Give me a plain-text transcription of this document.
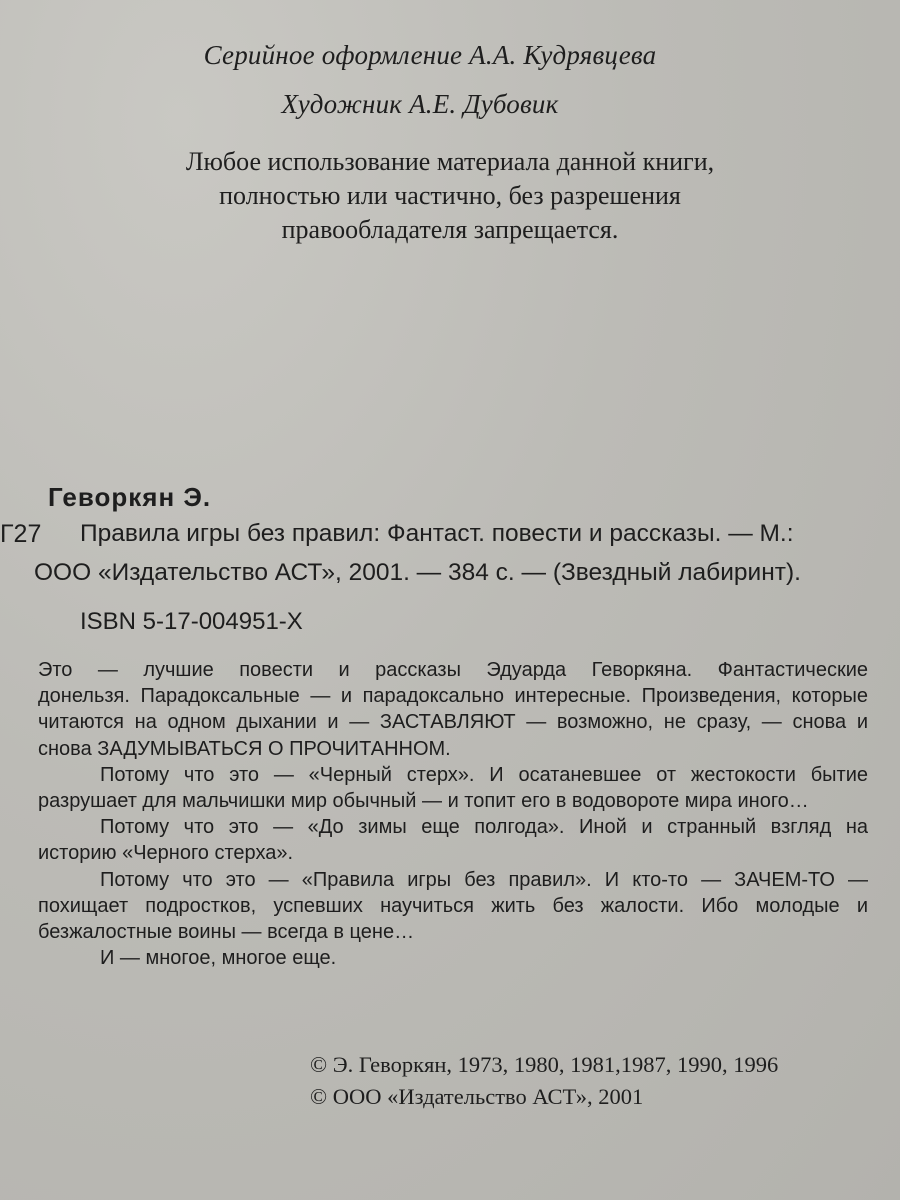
Серийное оформление А.А. Кудрявцева
Художник А.Е. Дубовик
Любое использование материала данной книги,
полностью или частично, без разрешения
правообладателя запрещается.
Геворкян Э.
Г27 Правила игры без правил: Фантаст. повести и рассказы. — М.:
ООО «Издательство АСТ», 2001. — 384 с. — (Звездный лабиринт).
ISBN 5-17-004951-X

Это — лучшие повести и рассказы Эдуарда Геворкяна. Фантастические
донельзя. Парадоксальные — и парадоксально интересные. Произведения, которые
читаются на одном дыхании и — ЗАСТАВЛЯЮТ — возможно, не сразу, — снова и
снова ЗАДУМЫВАТЬСЯ О ПРОЧИТАННОМ.

Потому что это — «Черный стерх». И осатаневшее от жестокости бытие
разрушает для мальчишки мир обычный — и топит его в водовороте мира иного…

Потому что это — «До зимы еще полгода». Иной и странный взгляд на
историю «Черного стерха».

Потому что это — «Правила игры без правил». И кто-то — ЗАЧЕМ-ТО —
похищает подростков, успевших научиться жить без жалости. Ибо молодые и
безжалостные воины — всегда в цене…

И — многое, многое еще.

© Э. Геворкян, 1973, 1980, 1981,1987, 1990, 1996
© ООО «Издательство АСТ», 2001
